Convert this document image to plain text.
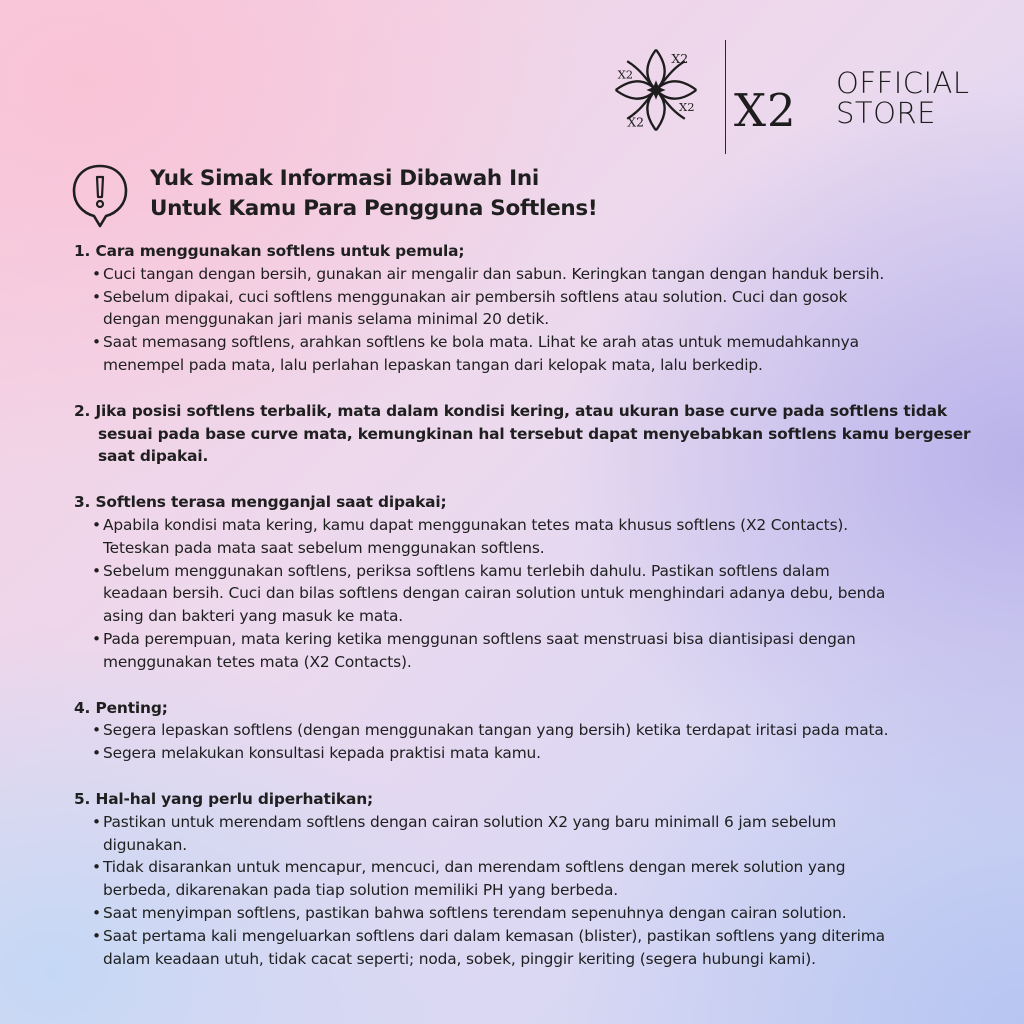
X2
X2
X2
X2 X2
OFFICIAL
STORE
Yuk Simak Informasi Dibawah Ini
Untuk Kamu Para Pengguna Softlens!
1. Cara menggunakan softlens untuk pemula;
• Cuci tangan dengan bersih, gunakan air mengalir dan sabun. Keringkan tangan dengan handuk bersih.
• Sebelum dipakai, cuci softlens menggunakan air pembersih softlens atau solution. Cuci dan gosok
dengan menggunakan jari manis selama minimal 20 detik.
• Saat memasang softlens, arahkan softlens ke bola mata. Lihat ke arah atas untuk memudahkannya
menempel pada mata, lalu perlahan lepaskan tangan dari kelopak mata, lalu berkedip.
2. Jika posisi softlens terbalik, mata dalam kondisi kering, atau ukuran base curve pada softlens tidak
sesuai pada base curve mata, kemungkinan hal tersebut dapat menyebabkan softlens kamu bergeser
saat dipakai.
3. Softlens terasa mengganjal saat dipakai;
• Apabila kondisi mata kering, kamu dapat menggunakan tetes mata khusus softlens (X2 Contacts).
Teteskan pada mata saat sebelum menggunakan softlens.
• Sebelum menggunakan softlens, periksa softlens kamu terlebih dahulu. Pastikan softlens dalam
keadaan bersih. Cuci dan bilas softlens dengan cairan solution untuk menghindari adanya debu, benda
asing dan bakteri yang masuk ke mata.
• Pada perempuan, mata kering ketika menggunan softlens saat menstruasi bisa diantisipasi dengan
menggunakan tetes mata (X2 Contacts).
4. Penting;
• Segera lepaskan softlens (dengan menggunakan tangan yang bersih) ketika terdapat iritasi pada mata.
• Segera melakukan konsultasi kepada praktisi mata kamu.
5. Hal-hal yang perlu diperhatikan;
• Pastikan untuk merendam softlens dengan cairan solution X2 yang baru minimall 6 jam sebelum
digunakan.
• Tidak disarankan untuk mencapur, mencuci, dan merendam softlens dengan merek solution yang
berbeda, dikarenakan pada tiap solution memiliki PH yang berbeda.
• Saat menyimpan softlens, pastikan bahwa softlens terendam sepenuhnya dengan cairan solution.
• Saat pertama kali mengeluarkan softlens dari dalam kemasan (blister), pastikan softlens yang diterima
dalam keadaan utuh, tidak cacat seperti; noda, sobek, pinggir keriting (segera hubungi kami).
